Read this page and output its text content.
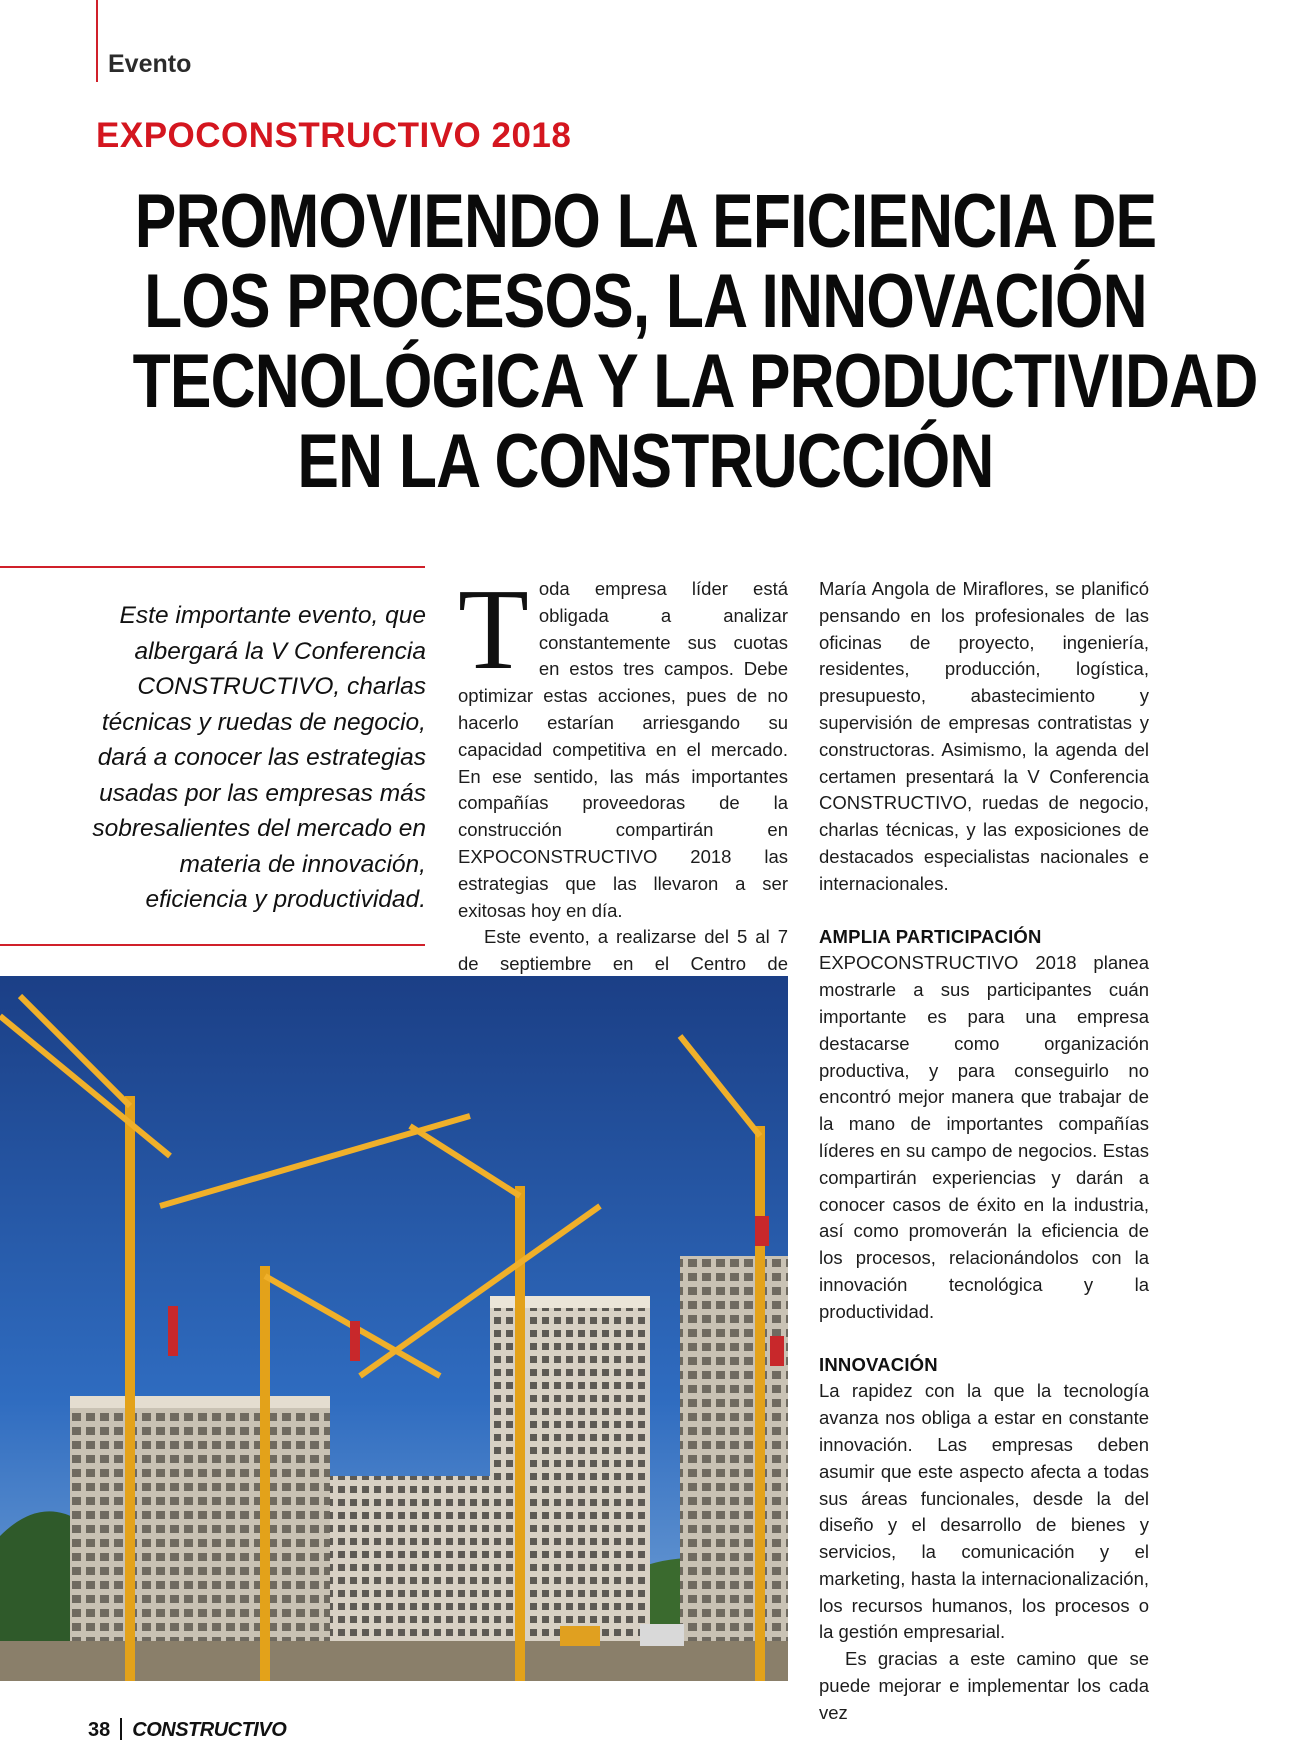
Evento
EXPOCONSTRUCTIVO 2018
PROMOVIENDO LA EFICIENCIA DE
LOS PROCESOS, LA INNOVACIÓN
TECNOLÓGICA Y LA PRODUCTIVIDAD
EN LA CONSTRUCCIÓN
Este importante evento, que albergará la V Conferencia CONSTRUCTIVO, charlas técnicas y ruedas de negocio, dará a conocer las estrategias usadas por las empresas más sobresalientes del mercado en materia de innovación, eficiencia y productividad.

Toda empresa líder está obligada a analizar constantemente sus cuotas en estos tres campos. Debe optimizar estas acciones, pues de no hacerlo estarían arriesgando su capacidad competitiva en el mercado. En ese sentido, las más importantes compañías proveedoras de la construcción compartirán en EXPOCONSTRUCTIVO 2018 las estrategias que las llevaron a ser exitosas hoy en día.

Este evento, a realizarse del 5 al 7 de septiembre en el Centro de

María Angola de Miraflores, se planificó pensando en los profesionales de las oficinas de proyecto, ingeniería, residentes, producción, logística, presupuesto, abastecimiento y supervisión de empresas contratistas y constructoras. Asimismo, la agenda del certamen presentará la V Conferencia CONSTRUCTIVO, ruedas de negocio, charlas técnicas, y las exposiciones de destacados especialistas nacionales e internacionales.

AMPLIA PARTICIPACIÓN

EXPOCONSTRUCTIVO 2018 planea mostrarle a sus participantes cuán importante es para una empresa destacarse como organización productiva, y para conseguirlo no encontró mejor manera que trabajar de la mano de importantes compañías líderes en su campo de negocios. Estas compartirán experiencias y darán a conocer casos de éxito en la industria, así como promoverán la eficiencia de los procesos, relacionándolos con la innovación tecnológica y la productividad.

INNOVACIÓN

La rapidez con la que la tecnología avanza nos obliga a estar en constante innovación. Las empresas deben asumir que este aspecto afecta a todas sus áreas funcionales, desde la del diseño y el desarrollo de bienes y servicios, la comunicación y el marketing, hasta la internacionalización, los recursos humanos, los procesos o la gestión empresarial.

Es gracias a este camino que se puede mejorar e implementar los cada vez

38 CONSTRUCTIVO
